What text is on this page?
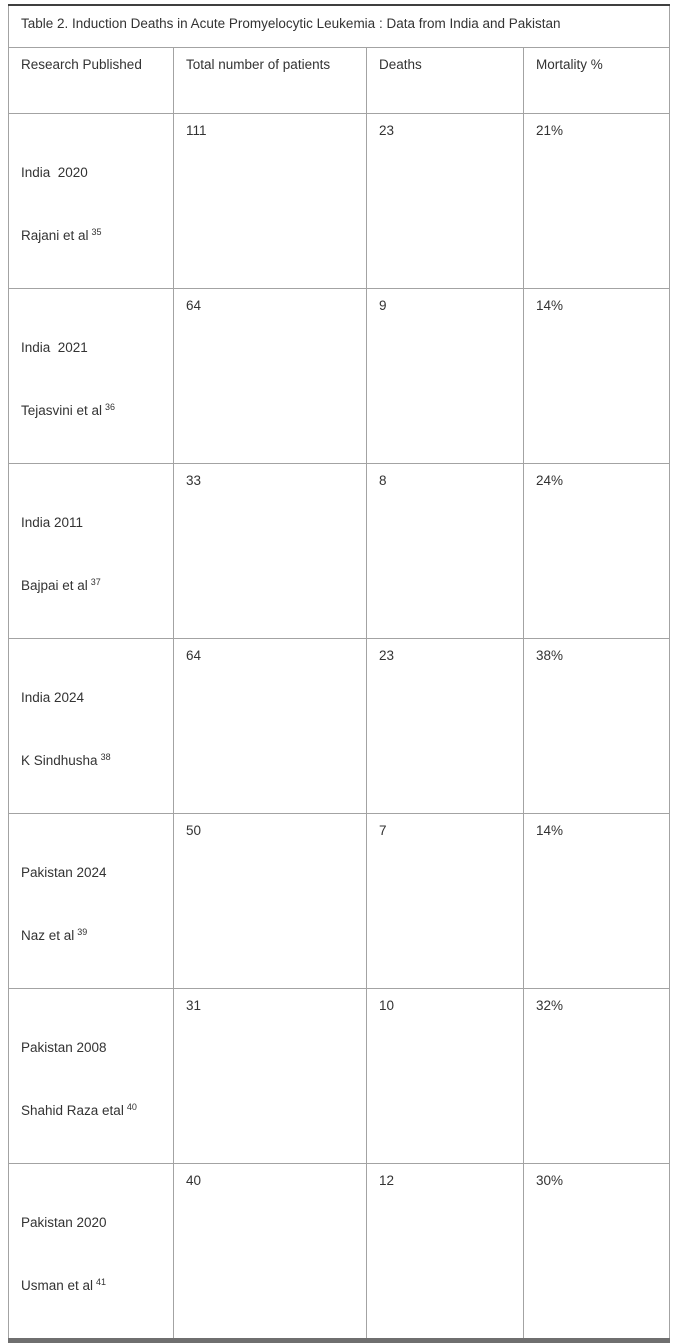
Table 2. Induction Deaths in Acute Promyelocytic Leukemia : Data from India and Pakistan			
Research Published	Total number of patients	Deaths	Mortality %

India  2020

Rajani et al $^{35}$	111	23	21%

India  2021

Tejasvini et al $^{36}$	64	9	14%

India 2011

Bajpai et al $^{37}$	33	8	24%

India 2024

K Sindhusha $^{38}$	64	23	38%

Pakistan 2024

Naz et al $^{39}$	50	7	14%

Pakistan 2008

Shahid Raza etal $^{40}$	31	10	32%

Pakistan 2020

Usman et al $^{41}$	40	12	30%
